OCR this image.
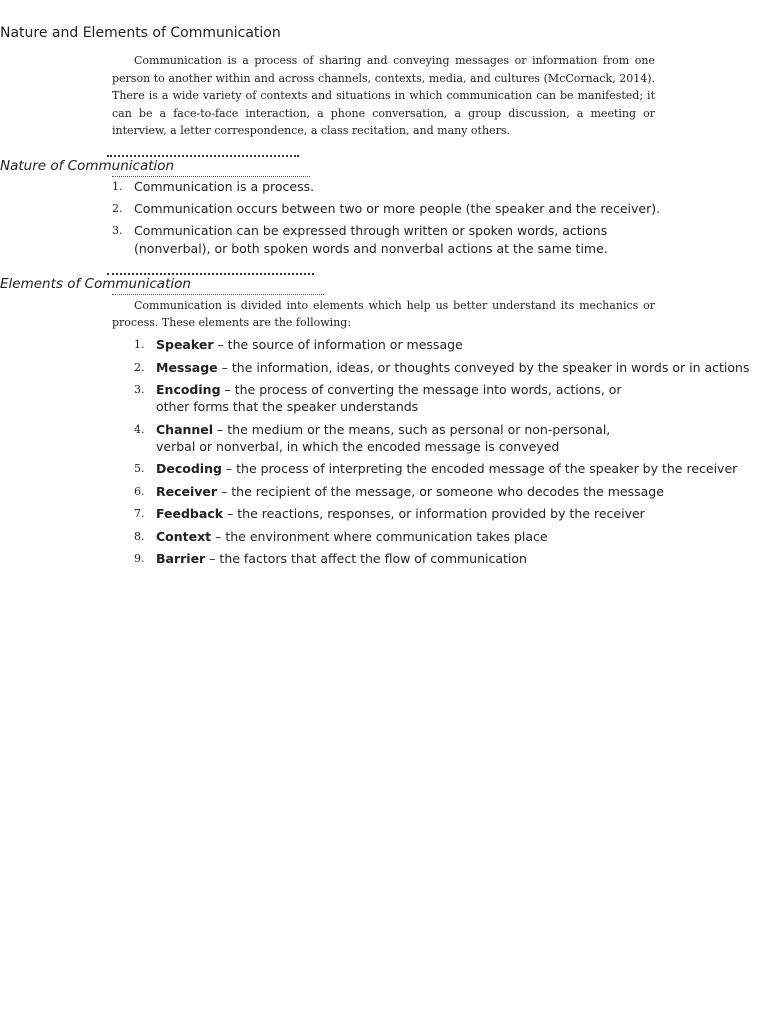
Nature and Elements of Communication

Communication is a process of sharing and conveying messages or information from one person to another within and across channels, contexts, media, and cultures (McCornack, 2014). There is a wide variety of contexts and situations in which communication can be manifested; it can be a face-to-face interaction, a phone conversation, a group discussion, a meeting or interview, a letter correspondence, a class recitation, and many others.

Nature of Communication
1. Communication is a process.
2. Communication occurs between two or more people (the speaker and the receiver).
3. Communication can be expressed through written or spoken words, actions (nonverbal), or both spoken words and nonverbal actions at the same time.
Elements of Communication

Communication is divided into elements which help us better understand its mechanics or process. These elements are the following:

1. Speaker – the source of information or message
2. Message – the information, ideas, or thoughts conveyed by the speaker in words or in actions
3. Encoding – the process of converting the message into words, actions, or
other forms that the speaker understands
4. Channel – the medium or the means, such as personal or non-personal,
verbal or nonverbal, in which the encoded message is conveyed
5. Decoding – the process of interpreting the encoded message of the speaker by the receiver
6. Receiver – the recipient of the message, or someone who decodes the message
7. Feedback – the reactions, responses, or information provided by the receiver
8. Context – the environment where communication takes place
9. Barrier – the factors that affect the flow of communication
